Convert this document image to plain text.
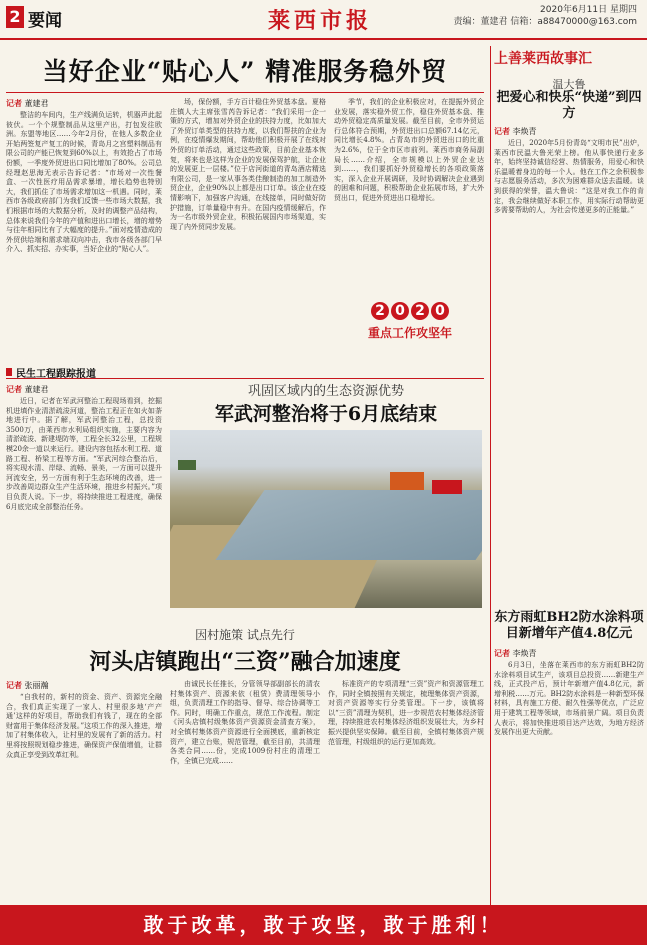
2 要闻	莱西市报	2020年6月11日 星期四
责编：董建君 信箱：a88470000@163.com
当好企业“贴心人” 精准服务稳外贸
记者 董建君

整洁的车间内，生产线满负运转，机器声此起彼伏。一个个规整制品从这里产出，打包发往欧洲。东盟等地区……今年2月份，在他人多数企业开始两签复产复工的时候，青岛月之宫塑料制品有限公司的产能已恢复到60%以上，有效抢占了市场份额，一季度外贸进出口同比增加了80%。公司总经理赵思海无表示告诉记者：“市场对一次性餐盒、一次性医疗用品需求暴增，增长趋势也特别大，我们抓住了市场需求增加这一机遇。同时，莱西市各级政府部门为我们反馈一些市场大数据，我们根据市场的大数据分析，及时的调整产品结构，总体来说我们今年的产值和进出口增长，增的增势与往年相同比有了大幅度的提升。”面对疫情造成的外贸供给端和需求端双向冲击，我市各级各部门早介入、抓实招、办实事，当好企业的“贴心人”。

场，保份额，手方百计稳住外贸基本盘。夏格庄镇人大主席张雪芮告诉记者：“我们采用一企一策的方式，增加对外贸企业的扶持力度，比如加大了外贸订单类型的扶持力度，以我们帮扶的企业为例，在疫情爆发期间，帮助他们积极开展了在线对外贸的订单活动，通过这些政策，目前企业基本恢复，将来也是这样为企业的发展保驾护航，让企业的发展更上一层楼。”位于店河街道的青岛酒店精选有限公司，是一家从事各类佳酿制造的加工制造外贸企业，企业90%以上都是出口订单。该企业在疫情影响下，加强客户沟通，在线接单，同时做好防护措施，订单量稳中有升。在国内疫情缓解后，作为一名市级外贸企业，积极拓展国内市场渠道，实现了内外贸同步发展。

季节，我们的企业积极应对，在提振外贸企业发展，落实稳外贸工作，稳住外贸基本盘、推动外贸稳定高质量发展。截至目前，全市外贸运行总体符合预期，外贸进出口总额67.14亿元，同比增长4.8%。占青岛市的外贸进出口的比重为2.6%，位于全市区市前列。莱西市商务局副局长……介绍，全市规模以上外贸企业达到……，我们要抓好外贸稳增长的各项政策落实，深入企业开展调研，及时协调解决企业遇到的困难和问题，积极帮助企业拓展市场，扩大外贸出口，促进外贸进出口稳增长。

2 0 2 0
重点工作攻坚年
民生工程跟踪报道
记者 董建君

近日，记者在军武河整治工程现场看到，挖掘机进填作业清淤疏浚河道，整治工程正在如火如荼地进行中。据了解，军武河整治工程，总投资3500万，由莱西市水利局组织实施，主要内容为清淤疏浚、新建堤防等，工程全长32公里，工程规模20余一道以来运行。建设内容包括水利工程、道路工程、桥梁工程等方面。“军武河综合整治后，将实现水清、岸绿、流畅、景美，一方面可以提升河流安全，另一方面有利于生态环境的改善，进一步改善周边群众生产生活环境，推进乡村振兴。”项目负责人说。下一步，将持续推进工程进度，确保6月底完成全部整治任务。

巩固区域内的生态资源优势
军武河整治将于6月底结束
因村施策 试点先行
河头店镇跑出“三资”融合加速度
记者 张丽瀚

“自我村的，新村的资金、资产、资源完全融合，我们真正实现了一家人、村里很多地‘产产通’这样的好项目，帮助我们有钱了，现在的全部财富用于集体经济发展。”这项工作的深入推进，增加了村集体收入，让村里的发展有了新的活力。村里将按照规划稳步推进，确保资产保值增值，让群众真正享受到改革红利。

由诚民长任推长，分管领导部副部长的清农村集体资产、资源来依（租赁）费清理领导小组，负责清理工作的指导、督导、综合协调等工作。同时，明确工作重点，规范工作流程。制定《河头店镇村级集体资产资源资金清查方案》，对全镇村集体资产资源进行全面摸底，重新核定资产，建立台账，规范管理，截至目前，共清理各类合同……份，完成1009份村庄的清理工作，全镇已完成……

标准资产的专项清理“三资”资产和资源管理工作，同时全镇按照有关规定，梳理集体资产资源，对资产资源等实行分类管理。下一步，该镇将以“三资”清理为契机，进一步规范农村集体经济管理，持续推进农村集体经济组织发展壮大，为乡村振兴提供坚实保障。截至目前，全镇村集体资产规范管理，村级组织的运行更加高效。

上善莱西故事汇
温大鲁
把爱心和快乐“快递”到四方
记者 李焕青

近日，2020年5月份青岛“文明市民”出炉，莱西市民温大鲁光荣上榜。他从事快递行业多年，始终坚持诚信经营、热情服务，用爱心和快乐温暖着身边的每一个人。他在工作之余积极参与志愿服务活动，多次为困难群众送去温暖。谈到获得的荣誉，温大鲁说：“这是对我工作的肯定，我会继续做好本职工作，用实际行动帮助更多需要帮助的人，为社会传递更多的正能量。”

东方雨虹BH2防水涂料项目新增年产值4.8亿元
记者 李焕青

6月3日，坐落在莱西市的东方雨虹BH2防水涂料项目试生产，该项目总投资……新建生产线，正式投产后，预计年新增产值4.8亿元，新增利税……万元。BH2防水涂料是一种新型环保材料，具有施工方便、耐久性强等优点，广泛应用于建筑工程等领域，市场前景广阔。项目负责人表示，将加快推进项目达产达效，为地方经济发展作出更大贡献。

敢于改革，敢于攻坚，敢于胜利！
